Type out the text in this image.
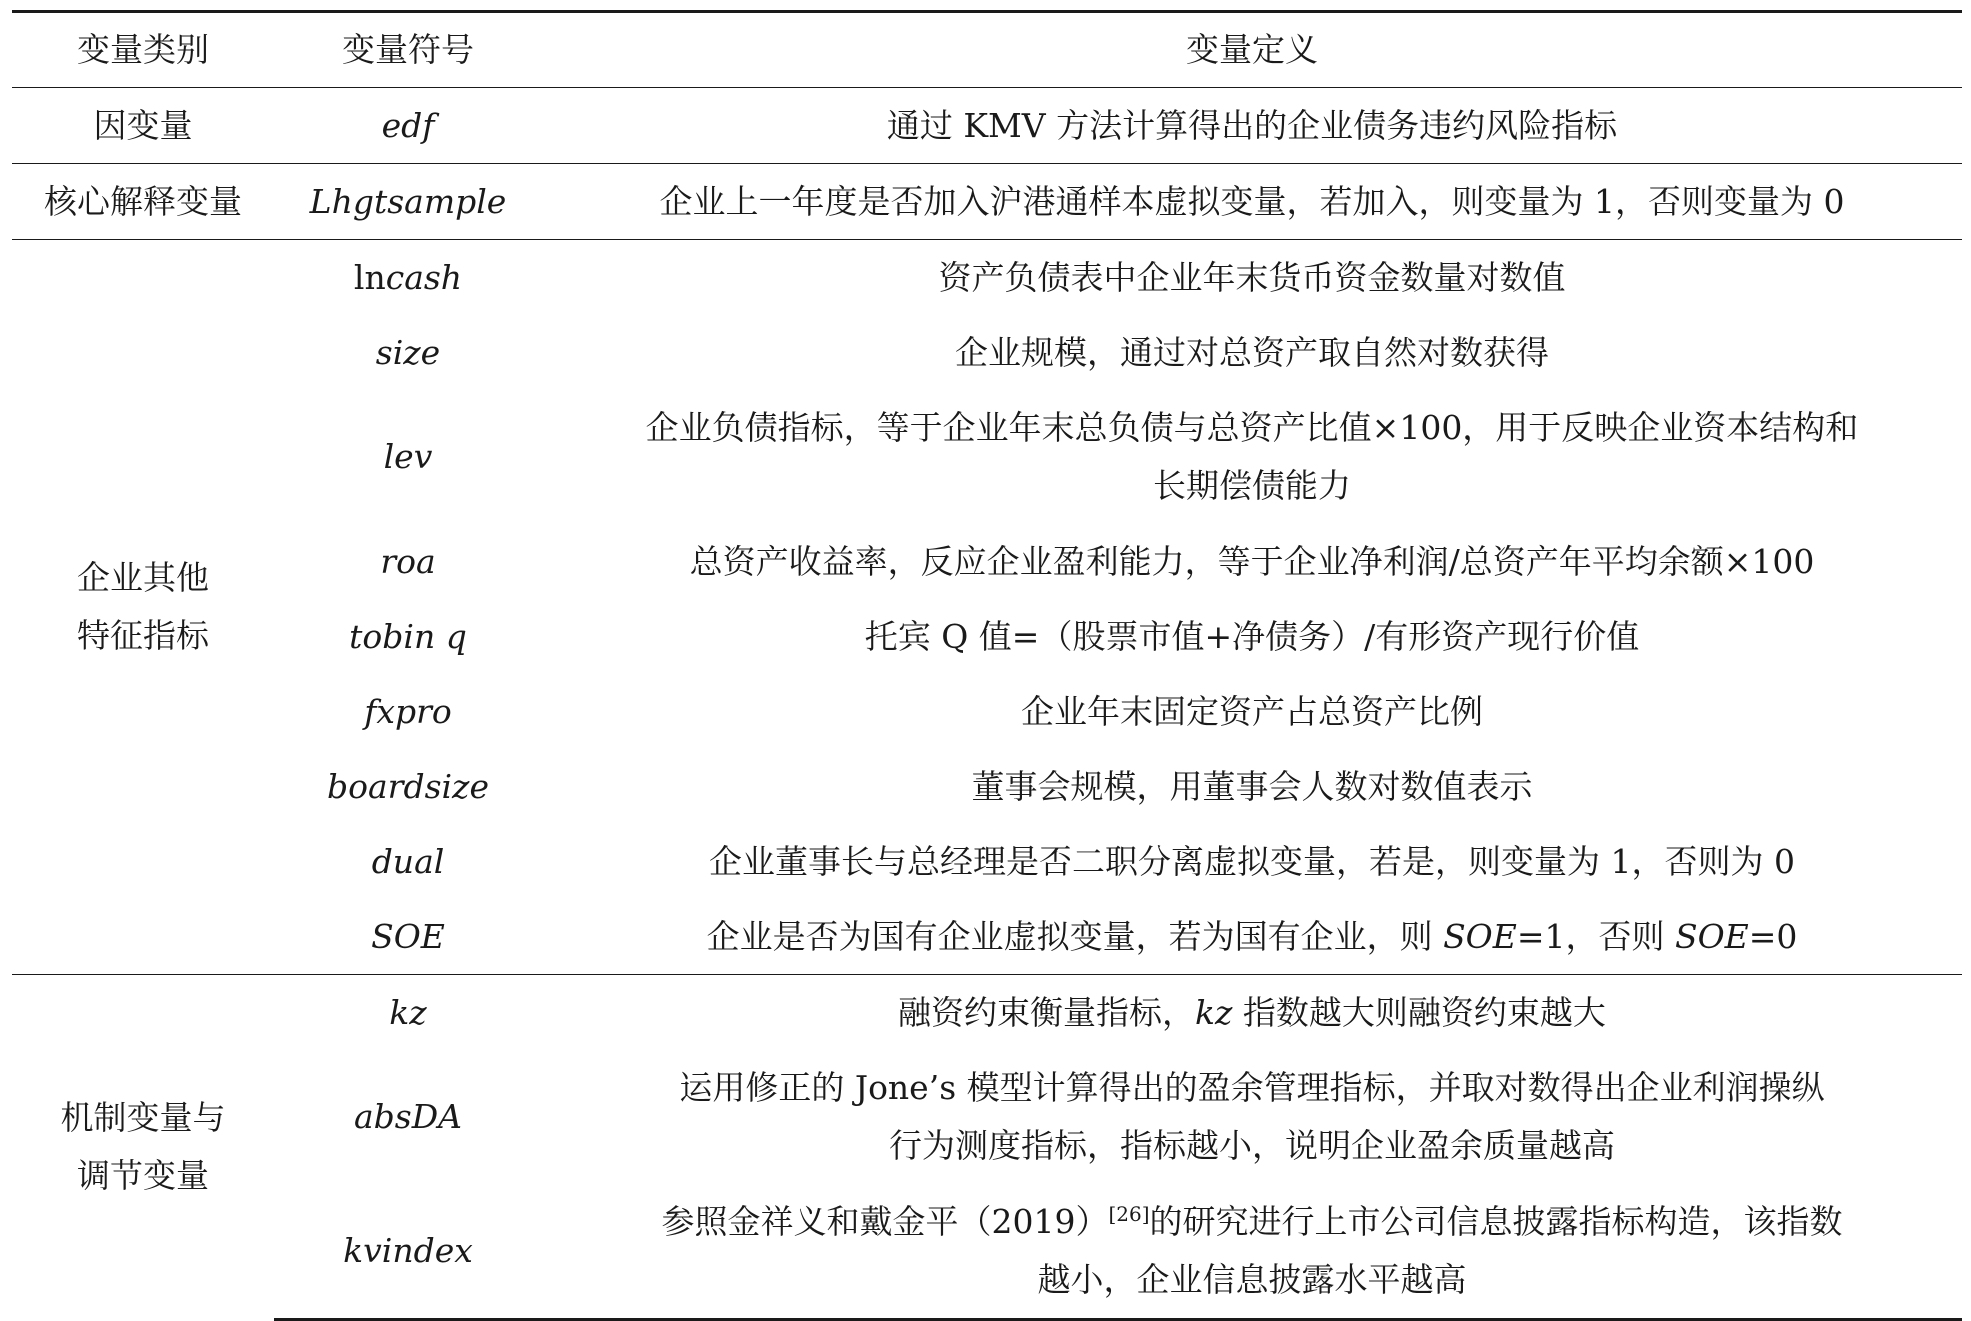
变量类别	变量符号	变量定义
因变量	edf	通过 KMV 方法计算得出的企业债务违约风险指标
核心解释变量	Lhgtsample	企业上一年度是否加入沪港通样本虚拟变量，若加入，则变量为 1，否则变量为 0

企业其他
特征指标	lncash	资产负债表中企业年末货币资金数量对数值
	size	企业规模，通过对总资产取自然对数获得
	lev	企业负债指标，等于企业年末总负债与总资产比值×100，用于反映企业资本结构和
长期偿债能力

	roa	总资产收益率，反应企业盈利能力，等于企业净利润/总资产年平均余额×100
	tobin q	托宾 Q 值=（股票市值+净债务）/有形资产现行价值
	fxpro	企业年末固定资产占总资产比例
	boardsize	董事会规模，用董事会人数对数值表示
	dual	企业董事长与总经理是否二职分离虚拟变量，若是，则变量为 1，否则为 0
	SOE	企业是否为国有企业虚拟变量，若为国有企业，则 SOE=1，否则 SOE=0

机制变量与
调节变量	kz	融资约束衡量指标，kz 指数越大则融资约束越大
	absDA	运用修正的 Jone’s 模型计算得出的盈余管理指标，并取对数得出企业利润操纵
行为测度指标，指标越小，说明企业盈余质量越高

	kvindex	参照金祥义和戴金平（2019）[26]的研究进行上市公司信息披露指标构造，该指数
越小，企业信息披露水平越高
